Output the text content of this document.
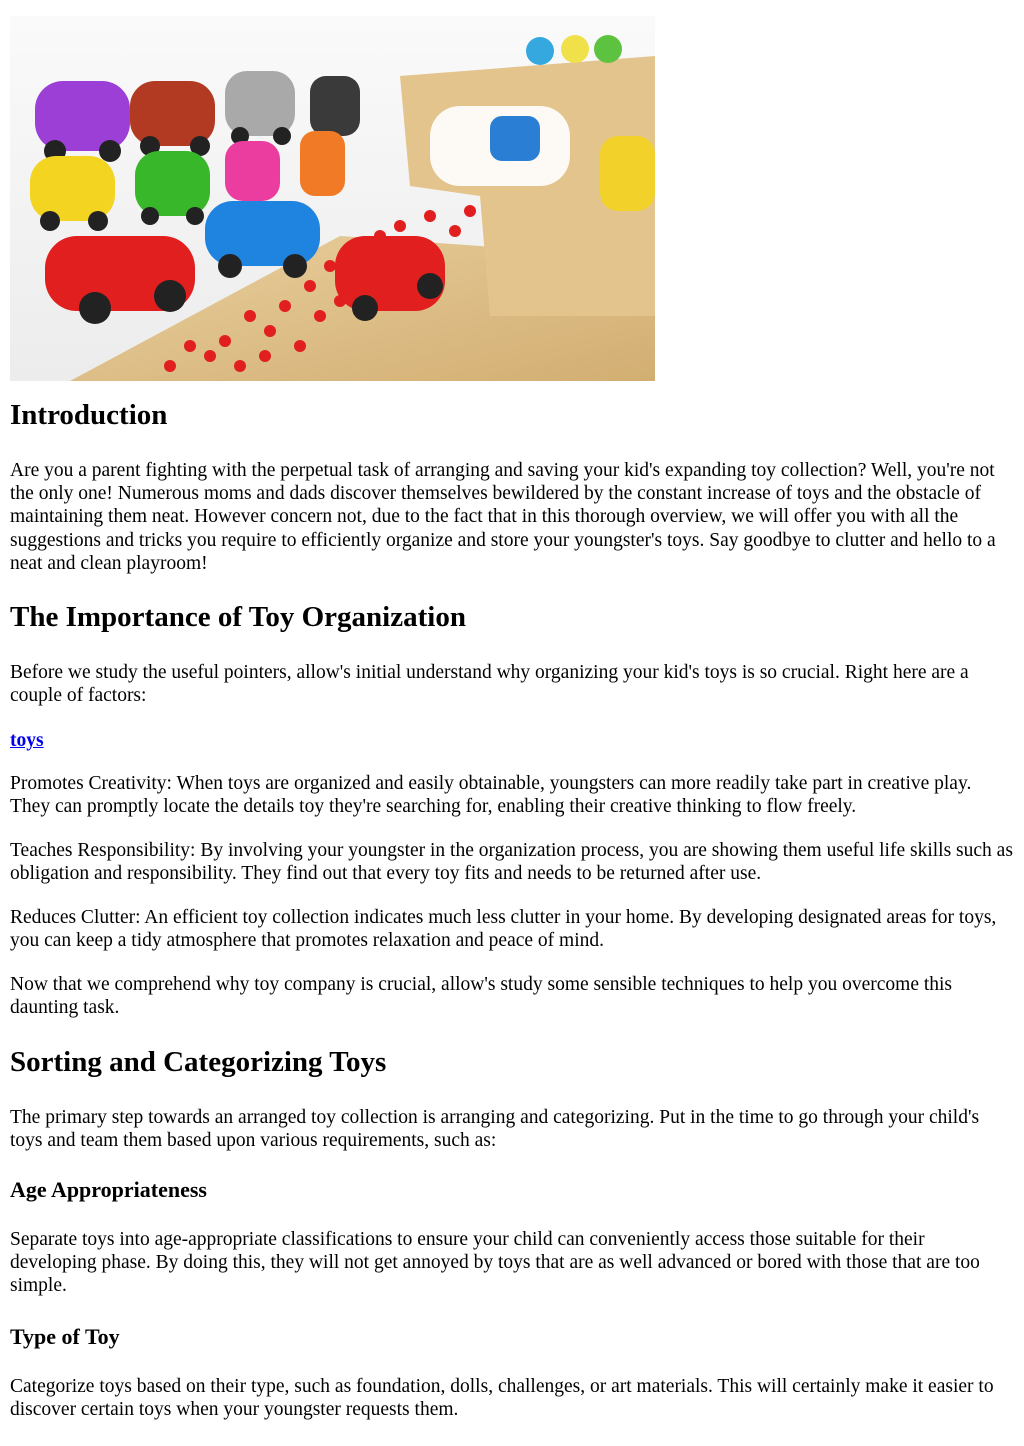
Introduction

Are you a parent fighting with the perpetual task of arranging and saving your kid's expanding toy collection? Well, you're not the only one! Numerous moms and dads discover themselves bewildered by the constant increase of toys and the obstacle of maintaining them neat. However concern not, due to the fact that in this thorough overview, we will offer you with all the suggestions and tricks you require to efficiently organize and store your youngster's toys. Say goodbye to clutter and hello to a neat and clean playroom!

The Importance of Toy Organization

Before we study the useful pointers, allow's initial understand why organizing your kid's toys is so crucial. Right here are a couple of factors:

toys

Promotes Creativity: When toys are organized and easily obtainable, youngsters can more readily take part in creative play. They can promptly locate the details toy they're searching for, enabling their creative thinking to flow freely.

Teaches Responsibility: By involving your youngster in the organization process, you are showing them useful life skills such as obligation and responsibility. They find out that every toy fits and needs to be returned after use.

Reduces Clutter: An efficient toy collection indicates much less clutter in your home. By developing designated areas for toys, you can keep a tidy atmosphere that promotes relaxation and peace of mind.

Now that we comprehend why toy company is crucial, allow's study some sensible techniques to help you overcome this daunting task.

Sorting and Categorizing Toys

The primary step towards an arranged toy collection is arranging and categorizing. Put in the time to go through your child's toys and team them based upon various requirements, such as:

Age Appropriateness

Separate toys into age-appropriate classifications to ensure your child can conveniently access those suitable for their developing phase. By doing this, they will not get annoyed by toys that are as well advanced or bored with those that are too simple.

Type of Toy

Categorize toys based on their type, such as foundation, dolls, challenges, or art materials. This will certainly make it easier to discover certain toys when your youngster requests them.
